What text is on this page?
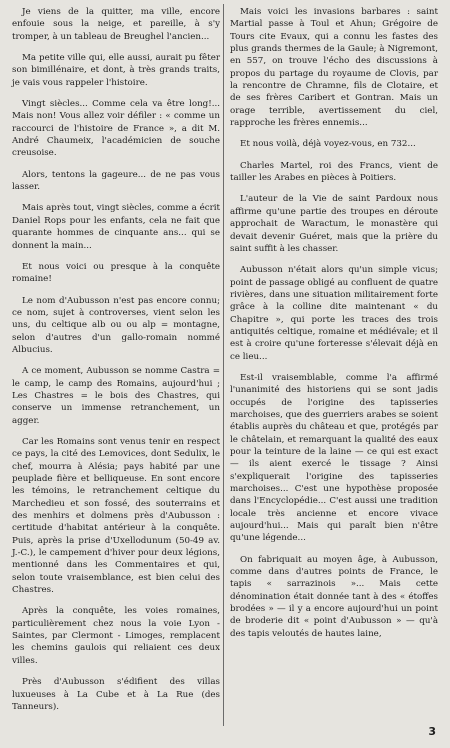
Je viens de la quitter, ma ville, encore enfouie sous la neige, et pareille, à s'y tromper, à un tableau de Breughel l'ancien...

Ma petite ville qui, elle aussi, aurait pu fêter son bimillénaire, et dont, à très grands traits, je vais vous rappeler l'histoire.

Vingt siècles... Comme cela va être long!... Mais non! Vous allez voir défiler : « comme un raccourci de l'histoire de France », a dit M. André Chaumeix, l'académicien de souche creusoise.

Alors, tentons la gageure... de ne pas vous lasser.

Mais après tout, vingt siècles, comme a écrit Daniel Rops pour les enfants, cela ne fait que quarante hommes de cinquante ans... qui se donnent la main...

Et nous voici ou presque à la conquête romaine!

Le nom d'Aubusson n'est pas encore connu; ce nom, sujet à controverses, vient selon les uns, du celtique alb ou ou alp = montagne, selon d'autres d'un gallo-romain nommé Albucius.

A ce moment, Aubusson se nomme Castra = le camp, le camp des Romains, aujourd'hui ; Les Chastres = le bois des Chastres, qui conserve un immense retranchement, un agger.

Car les Romains sont venus tenir en respect ce pays, la cité des Lemovices, dont Sedulix, le chef, mourra à Alésia; pays habité par une peuplade fière et belliqueuse. En sont encore les témoins, le retranchement celtique du Marchedieu et son fossé, des souterrains et des menhirs et dolmens près d'Aubusson : certitude d'habitat antérieur à la conquête. Puis, après la prise d'Uxellodunum (50-49 av. J.-C.), le campement d'hiver pour deux légions, mentionné dans les Commentaires et qui, selon toute vraisemblance, est bien celui des Chastres.

Après la conquête, les voies romaines, particulièrement chez nous la voie Lyon - Saintes, par Clermont - Limoges, remplacent les chemins gaulois qui reliaient ces deux villes.

Près d'Aubusson s'édifient des villas luxueuses à La Cube et à La Rue (des Tanneurs).

Mais voici les invasions barbares : saint Martial passe à Toul et Ahun; Grégoire de Tours cite Evaux, qui a connu les fastes des plus grands thermes de la Gaule; à Nigremont, en 557, on trouve l'écho des discussions à propos du partage du royaume de Clovis, par la rencontre de Chramne, fils de Clotaire, et de ses frères Caribert et Gontran. Mais un orage terrible, avertissement du ciel, rapproche les frères ennemis...

Et nous voilà, déjà voyez-vous, en 732...

Charles Martel, roi des Francs, vient de tailler les Arabes en pièces à Poitiers.

L'auteur de la Vie de saint Pardoux nous affirme qu'une partie des troupes en déroute approchait de Waractum, le monastère qui devait devenir Guéret, mais que la prière du saint suffit à les chasser.

Aubusson n'était alors qu'un simple vicus; point de passage obligé au confluent de quatre rivières, dans une situation militairement forte grâce à la colline dite maintenant « du Chapitre », qui porte les traces des trois antiquités celtique, romaine et médiévale; et il est à croire qu'une forteresse s'élevait déjà en ce lieu...

Est-il vraisemblable, comme l'a affirmé l'unanimité des historiens qui se sont jadis occupés de l'origine des tapisseries marchoises, que des guerriers arabes se soient établis auprès du château et que, protégés par le châtelain, et remarquant la qualité des eaux pour la teinture de la laine — ce qui est exact — ils aient exercé le tissage ? Ainsi s'expliquerait l'origine des tapisseries marchoises... C'est une hypothèse proposée dans l'Encyclopédie... C'est aussi une tradition locale très ancienne et encore vivace aujourd'hui... Mais qui paraît bien n'être qu'une légende...

On fabriquait au moyen âge, à Aubusson, comme dans d'autres points de France, le tapis « sarrazinois »... Mais cette dénomination était donnée tant à des « étoffes brodées » — il y a encore aujourd'hui un point de broderie dit « point d'Aubusson » — qu'à des tapis veloutés de hautes laine,

3
